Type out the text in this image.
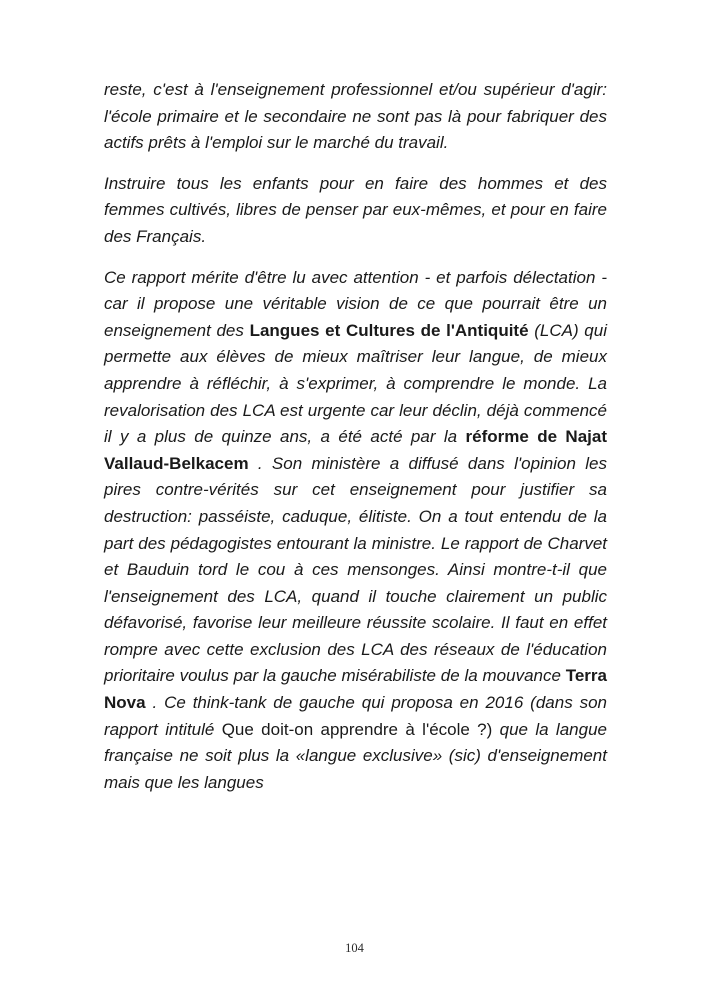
reste, c'est à l'enseignement professionnel et/ou supérieur d'agir: l'école primaire et le secondaire ne sont pas là pour fabriquer des actifs prêts à l'emploi sur le marché du travail.

Instruire tous les enfants pour en faire des hommes et des femmes cultivés, libres de penser par eux-mêmes, et pour en faire des Français.

Ce rapport mérite d'être lu avec attention - et parfois délectation - car il propose une véritable vision de ce que pourrait être un enseignement des Langues et Cultures de l'Antiquité (LCA) qui permette aux élèves de mieux maîtriser leur langue, de mieux apprendre à réfléchir, à s'exprimer, à comprendre le monde. La revalorisation des LCA est urgente car leur déclin, déjà commencé il y a plus de quinze ans, a été acté par la réforme de Najat Vallaud-Belkacem . Son ministère a diffusé dans l'opinion les pires contre-vérités sur cet enseignement pour justifier sa destruction: passéiste, caduque, élitiste. On a tout entendu de la part des pédagogistes entourant la ministre. Le rapport de Charvet et Bauduin tord le cou à ces mensonges. Ainsi montre-t-il que l'enseignement des LCA, quand il touche clairement un public défavorisé, favorise leur meilleure réussite scolaire. Il faut en effet rompre avec cette exclusion des LCA des réseaux de l'éducation prioritaire voulus par la gauche misérabiliste de la mouvance Terra Nova . Ce think-tank de gauche qui proposa en 2016 (dans son rapport intitulé Que doit-on apprendre à l'école ?) que la langue française ne soit plus la «langue exclusive» (sic) d'enseignement mais que les langues

104
